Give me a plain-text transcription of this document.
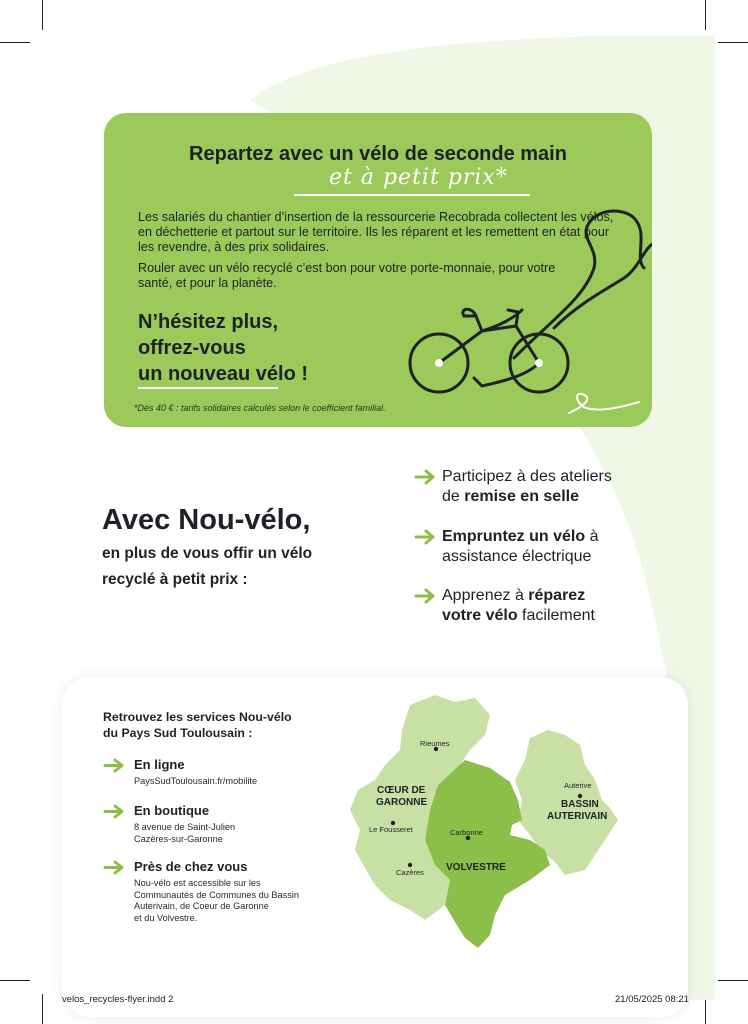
Repartez avec un vélo de seconde main
et à petit prix*

Les salariés du chantier d’insertion de la ressourcerie Recobrada collectent les vélos, en déchetterie et partout sur le territoire. Ils les réparent et les remettent en état pour les revendre, à des prix solidaires.

Rouler avec un vélo recyclé c’est bon pour votre porte-monnaie, pour votre santé, et pour la planète.

N’hésitez plus,
offrez-vous
un nouveau vélo !
*Dès 40 € : tarifs solidaires calculés selon le coefficient familial.
Avec Nou-vélo,
en plus de vous offir un vélo
recyclé à petit prix :
Participez à des ateliers
de remise en selle
Empruntez un vélo à
assistance électrique
Apprenez à réparez
votre vélo facilement
Retrouvez les services Nou-vélo
du Pays Sud Toulousain :
En ligne
PaysSudToulousain.fr/mobilite
En boutique
8 avenue de Saint-Julien
Cazères-sur-Garonne
Près de chez vous
Nou-vélo est accessible sur les
Communautés de Communes du Bassin
Auterivain, de Coeur de Garonne
et du Volvestre.
Rieumes
CŒUR DE
GARONNE
Le Fousseret
Cazères
Carbonne
VOLVESTRE
Auterive
BASSIN
AUTERIVAIN
velos_recycles-flyer.indd 2	21/05/2025 08:21
